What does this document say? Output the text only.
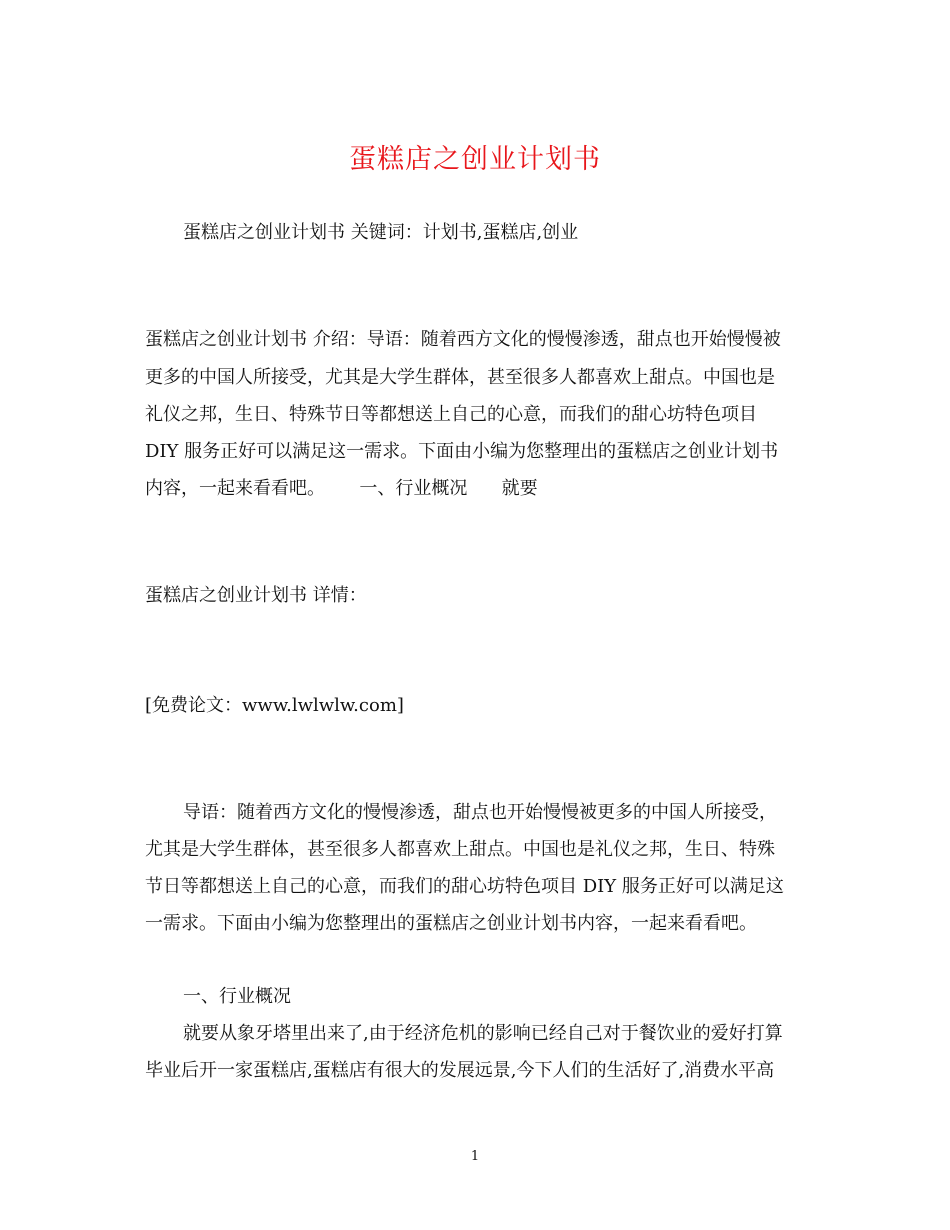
蛋糕店之创业计划书
蛋糕店之创业计划书 关键词：计划书,蛋糕店,创业
蛋糕店之创业计划书 介绍：导语：随着西方文化的慢慢渗透，甜点也开始慢慢被
更多的中国人所接受，尤其是大学生群体，甚至很多人都喜欢上甜点。中国也是
礼仪之邦，生日、特殊节日等都想送上自己的心意，而我们的甜心坊特色项目
DIY 服务正好可以满足这一需求。下面由小编为您整理出的蛋糕店之创业计划书
内容，一起来看看吧。      一、行业概况      就要
蛋糕店之创业计划书 详情：
[免费论文：www.lwlwlw.com]
导语：随着西方文化的慢慢渗透，甜点也开始慢慢被更多的中国人所接受，
尤其是大学生群体，甚至很多人都喜欢上甜点。中国也是礼仪之邦，生日、特殊
节日等都想送上自己的心意，而我们的甜心坊特色项目 DIY 服务正好可以满足这
一需求。下面由小编为您整理出的蛋糕店之创业计划书内容，一起来看看吧。
一、行业概况
就要从象牙塔里出来了,由于经济危机的影响已经自己对于餐饮业的爱好打算
毕业后开一家蛋糕店,蛋糕店有很大的发展远景,今下人们的生活好了,消费水平高
1
